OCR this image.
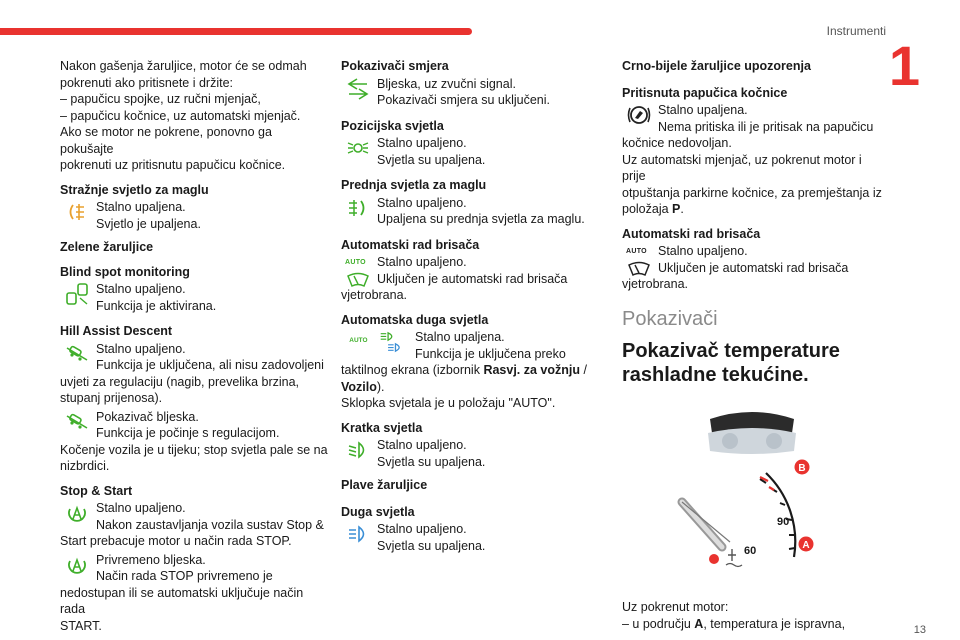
Instrumenti
1
Nakon gašenja žaruljice, motor će se odmah
pokrenuti ako pritisnete i držite:
– papučicu spojke, uz ručni mjenjač,
– papučicu kočnice, uz automatski mjenjač.
Ako se motor ne pokrene, ponovno ga pokušajte
pokrenuti uz pritisnutu papučicu kočnice.
Stražnje svjetlo za maglu
Stalno upaljena.
Svjetlo je upaljena.
Zelene žaruljice
Blind spot monitoring
Stalno upaljeno.
Funkcija je aktivirana.
Hill Assist Descent
Stalno upaljeno.
Funkcija je uključena, ali nisu zadovoljeni
uvjeti za regulaciju (nagib, prevelika brzina,
stupanj prijenosa).
Pokazivač bljeska.
Funkcija je počinje s regulacijom.
Kočenje vozila je u tijeku; stop svjetla pale se na
nizbrdici.
Stop & Start
Stalno upaljeno.
Nakon zaustavljanja vozila sustav Stop &
Start prebacuje motor u način rada STOP.
Privremeno bljeska.
Način rada STOP privremeno je
nedostupan ili se automatski uključuje način rada
START.
Pokazivači smjera
Bljeska, uz zvučni signal.
Pokazivači smjera su uključeni.
Pozicijska svjetla
Stalno upaljeno.
Svjetla su upaljena.
Prednja svjetla za maglu
Stalno upaljeno.
Upaljena su prednja svjetla za maglu.
Automatski rad brisača
AUTO Stalno upaljeno.
Uključen je automatski rad brisača
vjetrobrana.
Automatska duga svjetla
AUTO	Stalno upaljena.
Funkcija je uključena preko
taktilnog ekrana (izbornik Rasvj. za vožnju /
Vozilo).
Sklopka svjetala je u položaju "AUTO".
Kratka svjetla
Stalno upaljeno.
Svjetla su upaljena.
Plave žaruljice
Duga svjetla
Stalno upaljeno.
Svjetla su upaljena.
Crno-bijele žaruljice upozorenja
Pritisnuta papučica kočnice
Stalno upaljena.
Nema pritiska ili je pritisak na papučicu
kočnice nedovoljan.
Uz automatski mjenjač, uz pokrenut motor i prije
otpuštanja parkirne kočnice, za premještanja iz
položaja P.
Automatski rad brisača
AUTO Stalno upaljeno.
Uključen je automatski rad brisača
vjetrobrana.
Pokazivači
Pokazivač temperature
rashladne tekućine.
90
60
B
A
Uz pokrenut motor:
– u području A, temperatura je ispravna,	13
